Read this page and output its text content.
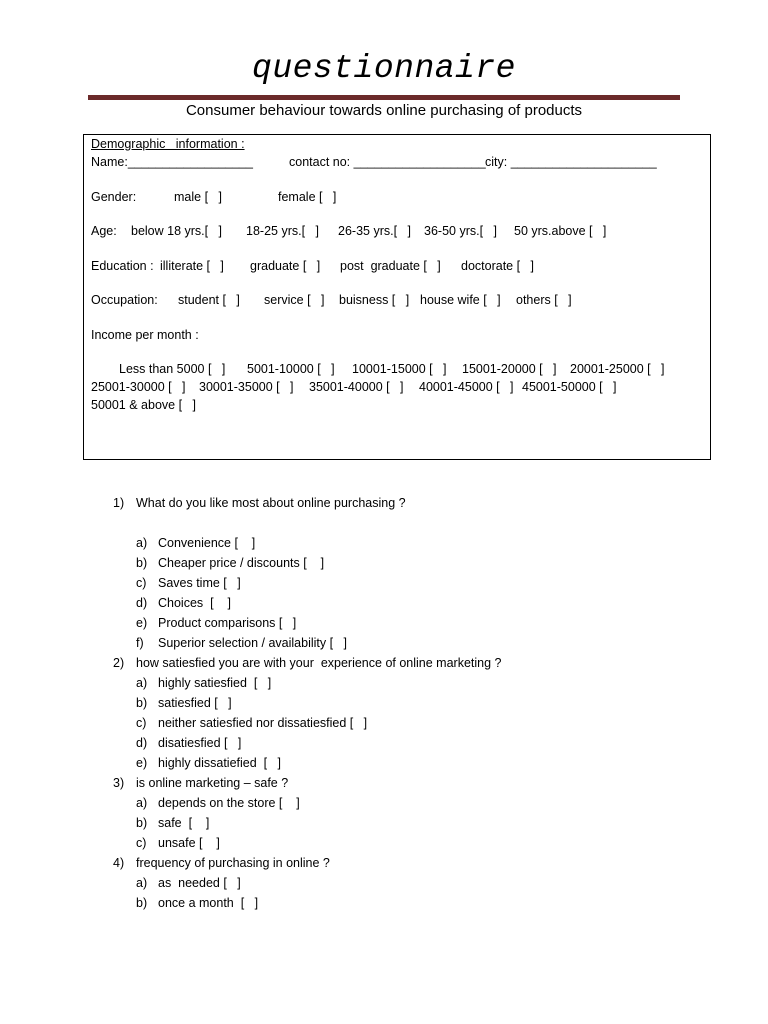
questionnaire
Consumer behaviour towards online purchasing of products
Demographic   information :
Name:__________________	contact no: ___________________ city: _____________________
Gender:	male [   ]	female [   ]
Age: below 18 yrs.[   ] 18-25 yrs.[   ] 26-35 yrs.[   ] 36-50 yrs.[   ] 50 yrs.above [   ]
Education : illiterate [   ] graduate [   ] post  graduate [   ] doctorate [   ]
Occupation: student [   ] service [   ] buisness [   ] house wife [   ] others [   ]
Income per month :
Less than 5000 [   ] 5001-10000 [   ] 10001-15000 [   ] 15001-20000 [   ] 20001-25000 [   ]
25001-30000 [   ] 30001-35000 [   ] 35001-40000 [   ] 40001-45000 [   ] 45001-50000 [   ]
50001 & above [   ]
1) What do you like most about online purchasing ?
a) Convenience [    ]
b) Cheaper price / discounts [    ]
c) Saves time [   ]
d) Choices  [    ]
e) Product comparisons [   ]
f) Superior selection / availability [   ]
2) how satiesfied you are with your  experience of online marketing ?
a) highly satiesfied  [   ]
b) satiesfied [   ]
c) neither satiesfied nor dissatiesfied [   ]
d) disatiesfied [   ]
e) highly dissatiefied  [   ]
3) is online marketing – safe ?
a) depends on the store [    ]
b) safe  [    ]
c) unsafe [    ]
4) frequency of purchasing in online ?
a) as  needed [   ]
b) once a month  [   ]
